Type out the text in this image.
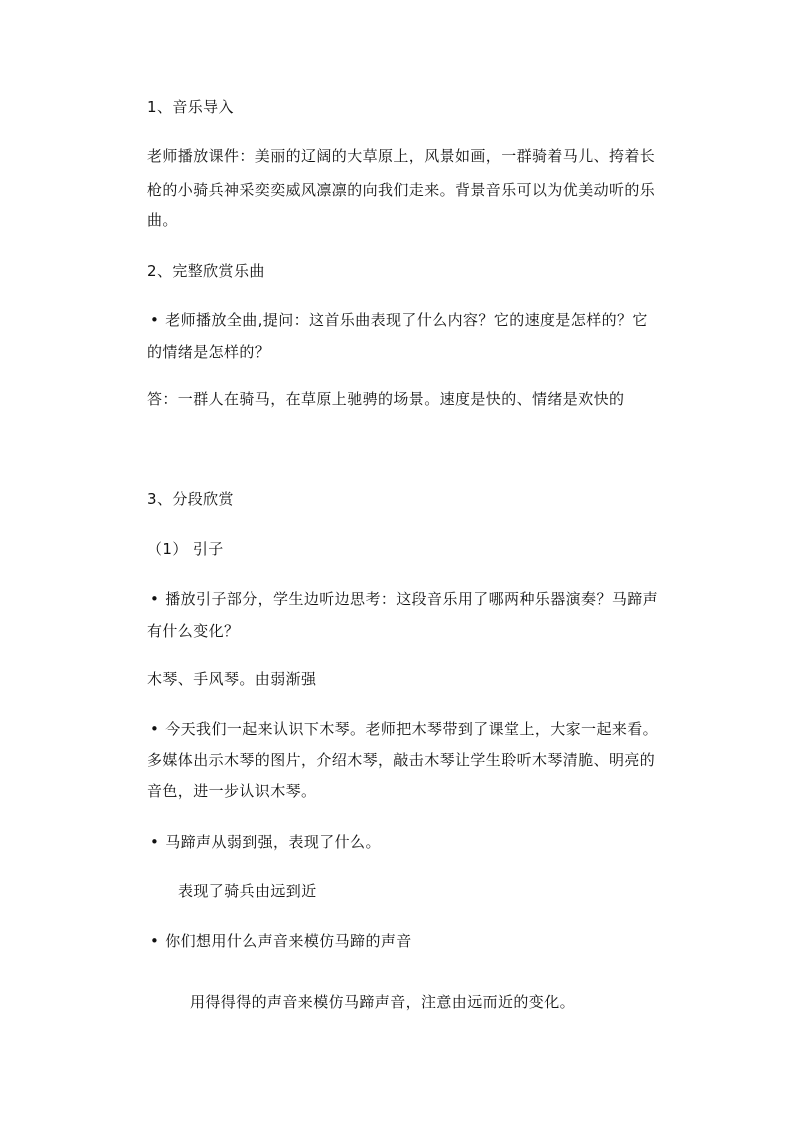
1、音乐导入
老师播放课件：美丽的辽阔的大草原上，风景如画，一群骑着马儿、挎着长
枪的小骑兵神采奕奕威风凛凛的向我们走来。背景音乐可以为优美动听的乐
曲。
2、完整欣赏乐曲
• 老师播放全曲,提问：这首乐曲表现了什么内容？它的速度是怎样的？它
的情绪是怎样的？
答：一群人在骑马，在草原上驰骋的场景。速度是快的、情绪是欢快的
3、分段欣赏
（1） 引子
• 播放引子部分，学生边听边思考：这段音乐用了哪两种乐器演奏？马蹄声
有什么变化？
木琴、手风琴。由弱渐强
• 今天我们一起来认识下木琴。老师把木琴带到了课堂上，大家一起来看。
多媒体出示木琴的图片，介绍木琴，敲击木琴让学生聆听木琴清脆、明亮的
音色，进一步认识木琴。
• 马蹄声从弱到强，表现了什么。
表现了骑兵由远到近
• 你们想用什么声音来模仿马蹄的声音
用得得得的声音来模仿马蹄声音，注意由远而近的变化。
